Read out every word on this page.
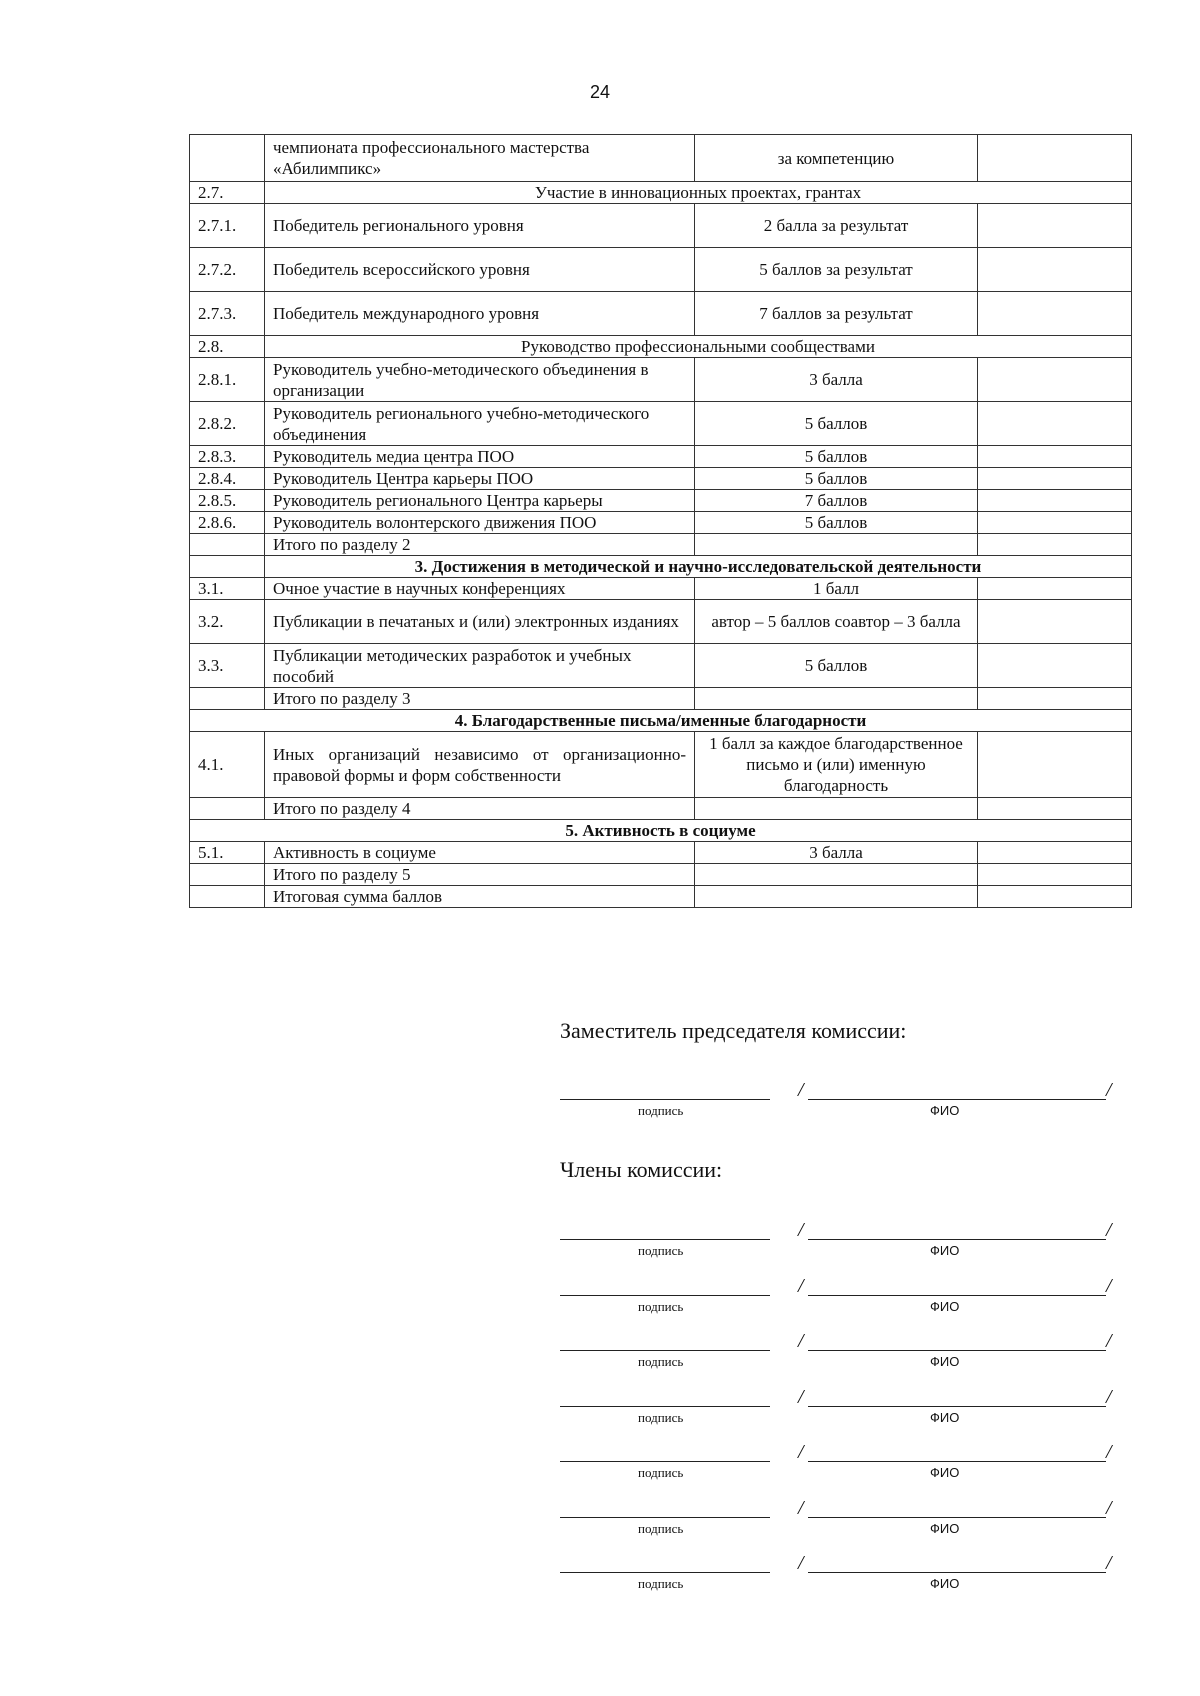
24
	чемпионата профессионального мастерства «Абилимпикс»	за компетенцию	
2.7.	Участие в инновационных проектах, грантах		
2.7.1.	Победитель регионального уровня	2 балла за результат	
2.7.2.	Победитель всероссийского уровня	5 баллов за результат	
2.7.3.	Победитель международного уровня	7 баллов за результат	
2.8.	Руководство профессиональными сообществами		
2.8.1.	Руководитель учебно-методического объединения в организации	3 балла	
2.8.2.	Руководитель регионального учебно-методического объединения	5 баллов	
2.8.3.	Руководитель медиа центра ПОО	5 баллов	
2.8.4.	Руководитель Центра карьеры ПОО	5 баллов	
2.8.5.	Руководитель регионального Центра карьеры	7 баллов	
2.8.6.	Руководитель волонтерского движения ПОО	5 баллов	
	Итого по разделу 2		
	3. Достижения в методической и научно-исследовательской деятельности		
3.1.	Очное участие в научных конференциях	1 балл	
3.2.	Публикации в печатаных и (или) электронных изданиях	автор – 5 баллов соавтор – 3 балла	
3.3.	Публикации методических разработок и учебных пособий	5 баллов	
	Итого по разделу 3		
4. Благодарственные письма/именные благодарности			
4.1.	Иных организаций независимо от организационно-правовой формы и форм собственности	1 балл за каждое благодарственное письмо и (или) именную благодарность	
	Итого по разделу 4		
5. Активность в социуме			
5.1.	Активность в социуме	3 балла	
	Итого по разделу 5		
	Итоговая сумма баллов		
Заместитель председателя комиссии:
/	/
подпись	ФИО
Члены комиссии:
/	/
подпись	ФИО
/	/
подпись	ФИО
/	/
подпись	ФИО
/	/
подпись	ФИО
/	/
подпись	ФИО
/	/
подпись	ФИО
/	/
подпись	ФИО
